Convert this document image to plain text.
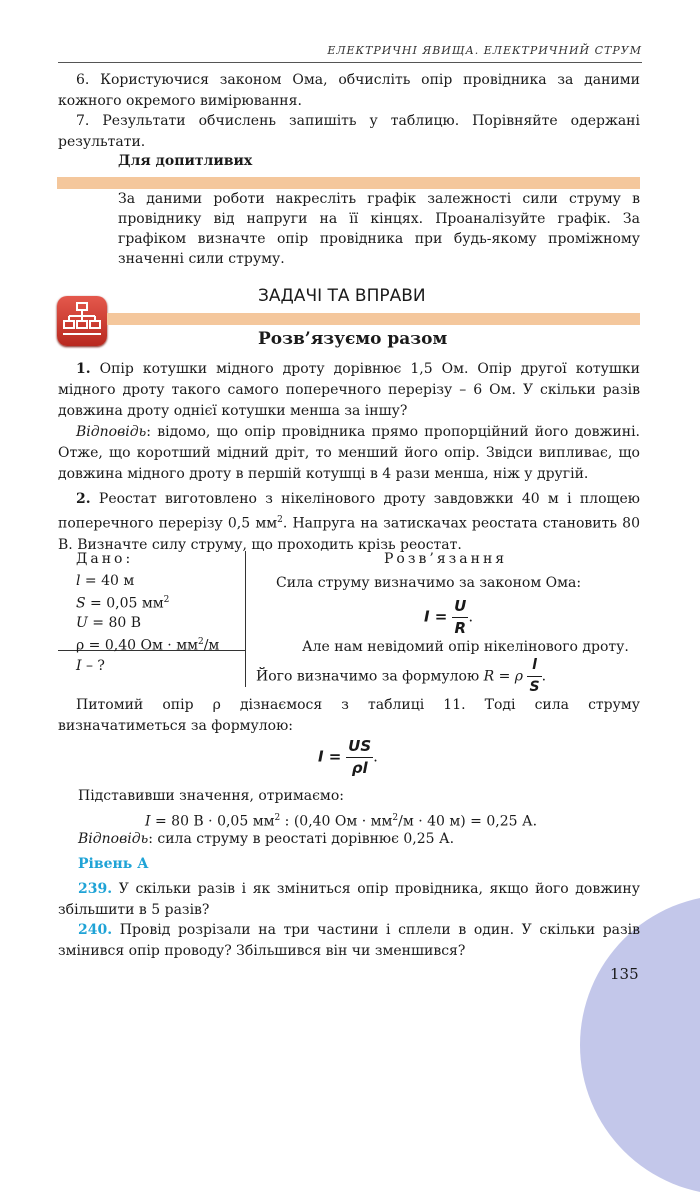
ЕЛЕКТРИЧНІ ЯВИЩА. ЕЛЕКТРИЧНИЙ СТРУМ
6. Користуючися законом Ома, обчисліть опір провідника за даними кожного окремого вимірювання.
7. Результати обчислень запишіть у таблицю. Порівняйте одержані результати.
Для допитливих
За даними роботи накресліть графік залежності сили струму в провіднику від напруги на її кінцях. Проаналізуйте графік. За графіком визначте опір провідника при будь-якому проміжному значенні сили струму.
ЗАДАЧІ ТА ВПРАВИ
Розв’язуємо разом
1. Опір котушки мідного дроту дорівнює 1,5 Ом. Опір другої котушки мідного дроту такого самого поперечного перерізу – 6 Ом. У скільки разів довжина дроту однієї котушки менша за іншу?
Відповідь: відомо, що опір провідника прямо пропорційний його довжині. Отже, що коротший мідний дріт, то менший його опір. Звідси випливає, що довжина мідного дроту в першій котушці в 4 рази менша, ніж у другій.
2. Реостат виготовлено з нікелінового дроту завдовжки 40 м і площею поперечного перерізу 0,5 $мм^2$. Напруга на затискачах реостата становить 80 В. Визначте силу струму, що проходить крізь реостат.
Дано:
l = 40 м
S = 0,05 $мм^2$
U = 80 В
ρ = 0,40 Ом · $мм^2/м$
I – ?
Розв’язання
Сила струму визначимо за законом Ома:
$I = \frac{U}{R}$ .
Але нам невідомий опір нікелінового дроту.
Його визначимо за формулою R = ρ $\frac{l}{S}$ .
Питомий опір ρ дізнаємося з таблиці 11. Тоді сила струму визначатиметься за формулою:
$I = \frac{US}{\rho l}$ .
Підставивши значення, отримаємо:
I = 80 В · 0,05 $мм^2$ : (0,40 Ом · $мм^2/м \cdot 40$ м) = 0,25 А.
Відповідь: сила струму в реостаті дорівнює 0,25 А.
Рівень А
239. У скільки разів і як зміниться опір провідника, якщо його довжину збільшити в 5 разів?
240. Провід розрізали на три частини і сплели в один. У скільки разів змінився опір проводу? Збільшився він чи зменшився?
135
